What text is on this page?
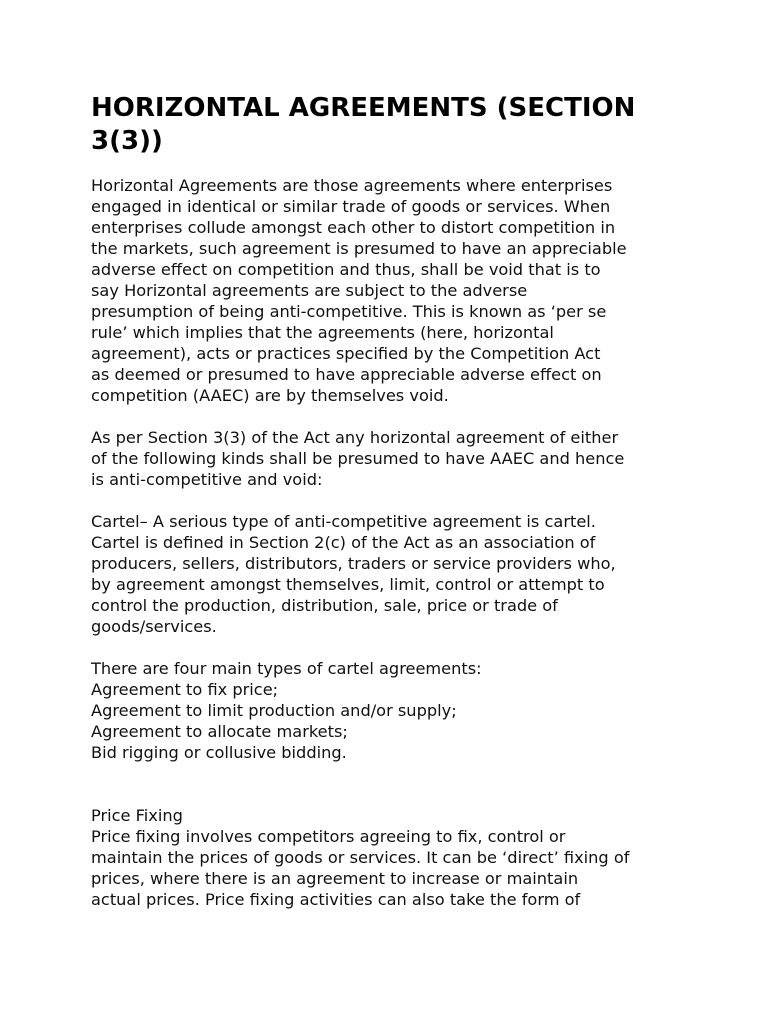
HORIZONTAL AGREEMENTS (SECTION
3(3))

Horizontal Agreements are those agreements where enterprises
engaged in identical or similar trade of goods or services. When
enterprises collude amongst each other to distort competition in
the markets, such agreement is presumed to have an appreciable
adverse effect on competition and thus, shall be void that is to
say Horizontal agreements are subject to the adverse
presumption of being anti-competitive. This is known as ‘per se
rule’ which implies that the agreements (here, horizontal
agreement), acts or practices specified by the Competition Act
as deemed or presumed to have appreciable adverse effect on
competition (AAEC) are by themselves void.

As per Section 3(3) of the Act any horizontal agreement of either
of the following kinds shall be presumed to have AAEC and hence
is anti-competitive and void:

Cartel– A serious type of anti-competitive agreement is cartel.
Cartel is defined in Section 2(c) of the Act as an association of
producers, sellers, distributors, traders or service providers who,
by agreement amongst themselves, limit, control or attempt to
control the production, distribution, sale, price or trade of
goods/services.

There are four main types of cartel agreements:
Agreement to fix price;
Agreement to limit production and/or supply;
Agreement to allocate markets;
Bid rigging or collusive bidding.
Price Fixing
Price fixing involves competitors agreeing to fix, control or
maintain the prices of goods or services. It can be ‘direct’ fixing of
prices, where there is an agreement to increase or maintain
actual prices. Price fixing activities can also take the form of
